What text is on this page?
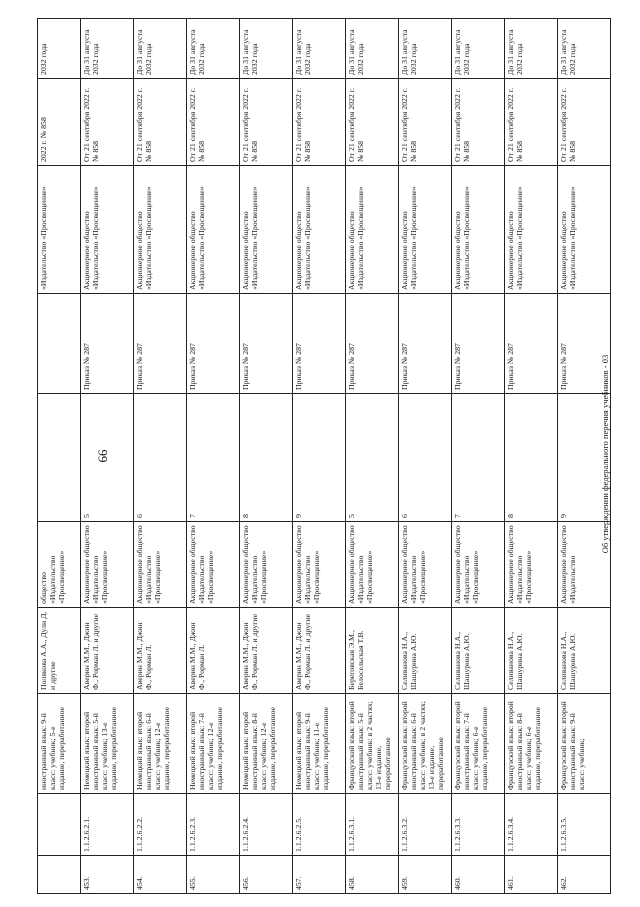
99	Об утверждении федерального перечня учебников - 03
		иностранный язык: 9-й класс: учебник; 5-е издание, переработанное	Полякова А.А., Дули Д. и другие	общество «Издательство «Просвещение»			«Издательство «Просвещение»	2022 г. № 858	2032 года
453.	1.1.2.6.2.1.	Немецкий язык: второй иностранный язык: 5-й класс: учебник; 13-е издание, переработанное	Аверин М.М., Джин Ф., Рорман Л. и другие	Акционерное общество «Издательство «Просвещение»	5	Приказ № 287	Акционерное общество «Издательство «Просвещение»	От 21 сентября 2022 г. № 858	До 31 августа 2032 года
454.	1.1.2.6.2.2.	Немецкий язык: второй иностранный язык: 6-й класс: учебник; 12-е издание, переработанное	Аверин М.М., Джин Ф., Рорман Л.	Акционерное общество «Издательство «Просвещение»	6	Приказ № 287	Акционерное общество «Издательство «Просвещение»	От 21 сентября 2022 г. № 858	До 31 августа 2032 года
455.	1.1.2.6.2.3.	Немецкий язык: второй иностранный язык: 7-й класс: учебник; 12-е издание, переработанное	Аверин М.М., Джин Ф., Рорман Л.	Акционерное общество «Издательство «Просвещение»	7	Приказ № 287	Акционерное общество «Издательство «Просвещение»	От 21 сентября 2022 г. № 858	До 31 августа 2032 года
456.	1.1.2.6.2.4.	Немецкий язык: второй иностранный язык: 8-й класс: учебник; 12-е издание, переработанное	Аверин М.М., Джин Ф., Рорман Л. и другие	Акционерное общество «Издательство «Просвещение»	8	Приказ № 287	Акционерное общество «Издательство «Просвещение»	От 21 сентября 2022 г. № 858	До 31 августа 2032 года
457.	1.1.2.6.2.5.	Немецкий язык: второй иностранный язык: 9-й класс: учебник; 11-е издание, переработанное	Аверин М.М., Джин Ф., Рорман Л. и другие	Акционерное общество «Издательство «Просвещение»	9	Приказ № 287	Акционерное общество «Издательство «Просвещение»	От 21 сентября 2022 г. № 858	До 31 августа 2032 года
458.	1.1.2.6.3.1.	Французский язык: второй иностранный язык: 5-й класс: учебник: в 2 частях; 13-е издание, переработанное	Береговская Э.М., Белосельская Т.В.	Акционерное общество «Издательство «Просвещение»	5	Приказ № 287	Акционерное общество «Издательство «Просвещение»	От 21 сентября 2022 г. № 858	До 31 августа 2032 года
459.	1.1.2.6.3.2.	Французский язык: второй иностранный язык: 6-й класс: учебник: в 2 частях; 13-е издание, переработанное	Селиванова Н.А., Шашурина А.Ю.	Акционерное общество «Издательство «Просвещение»	6	Приказ № 287	Акционерное общество «Издательство «Просвещение»	От 21 сентября 2022 г. № 858	До 31 августа 2032 года
460.	1.1.2.6.3.3.	Французский язык: второй иностранный язык: 7-й класс: учебник; 6-е издание, переработанное	Селиванова Н.А., Шашурина А.Ю.	Акционерное общество «Издательство «Просвещение»	7	Приказ № 287	Акционерное общество «Издательство «Просвещение»	От 21 сентября 2022 г. № 858	До 31 августа 2032 года
461.	1.1.2.6.3.4.	Французский язык: второй иностранный язык: 8-й класс: учебник; 6-е издание, переработанное	Селиванова Н.А., Шашурина А.Ю.	Акционерное общество «Издательство «Просвещение»	8	Приказ № 287	Акционерное общество «Издательство «Просвещение»	От 21 сентября 2022 г. № 858	До 31 августа 2032 года
462.	1.1.2.6.3.5.	Французский язык: второй иностранный язык: 9-й класс: учебник;	Селиванова Н.А., Шашурина А.Ю.	Акционерное общество «Издательство	9	Приказ № 287	Акционерное общество «Издательство «Просвещение»	От 21 сентября 2022 г. № 858	До 31 августа 2032 года
